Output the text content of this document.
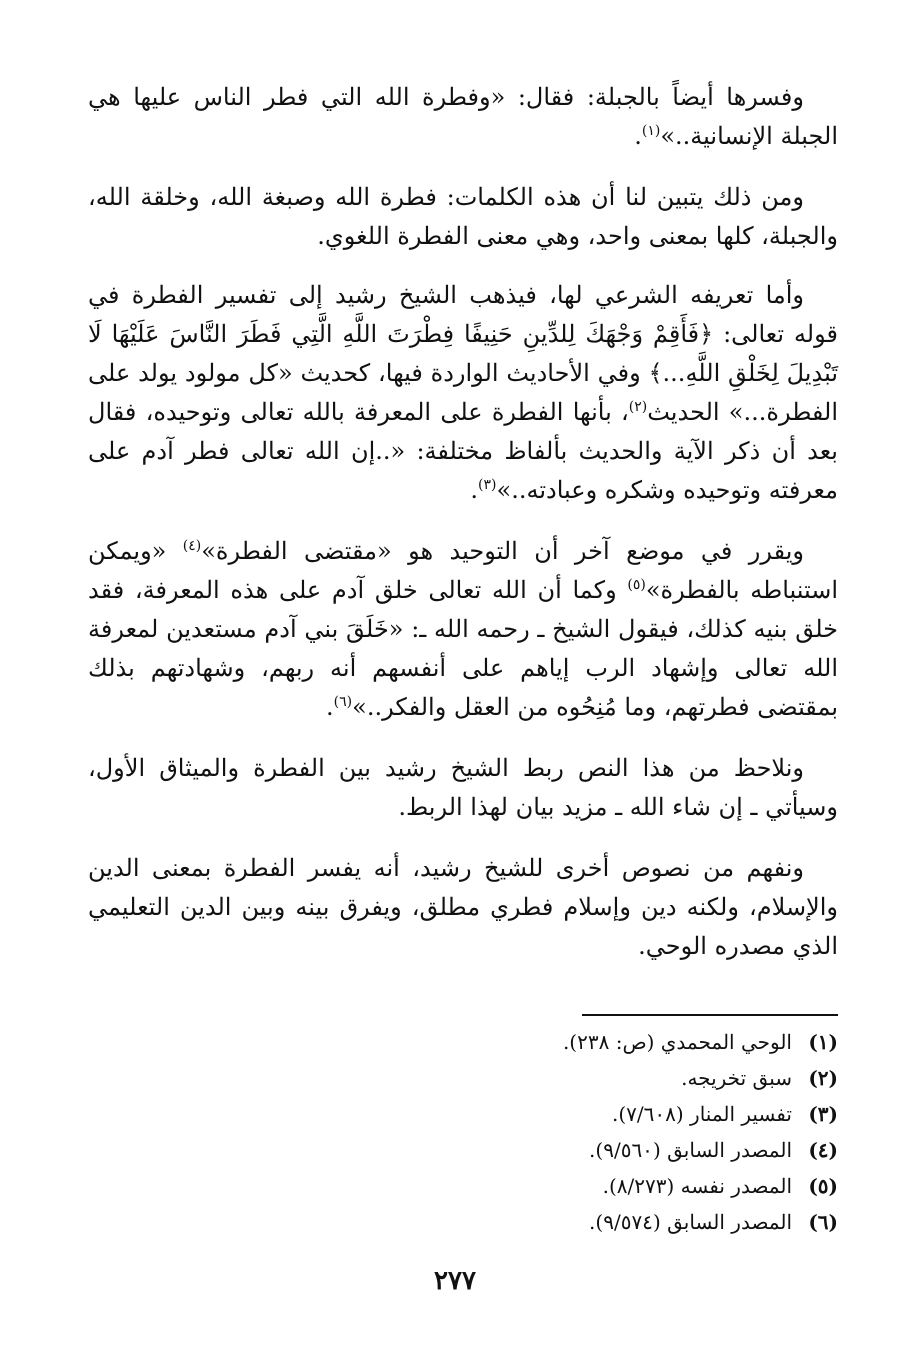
وفسرها أيضاً بالجبلة: فقال: «وفطرة الله التي فطر الناس عليها هي الجبلة الإنسانية..»$^{(١)}$.

ومن ذلك يتبين لنا أن هذه الكلمات: فطرة الله وصبغة الله، وخلقة الله، والجبلة، كلها بمعنى واحد، وهي معنى الفطرة اللغوي.

وأما تعريفه الشرعي لها، فيذهب الشيخ رشيد إلى تفسير الفطرة في قوله تعالى: ﴿فَأَقِمْ وَجْهَكَ لِلدِّينِ حَنِيفًا فِطْرَتَ اللَّهِ الَّتِي فَطَرَ النَّاسَ عَلَيْهَا لَا تَبْدِيلَ لِخَلْقِ اللَّهِ...﴾ وفي الأحاديث الواردة فيها، كحديث «كل مولود يولد على الفطرة...» الحديث$^{(٢)}$، بأنها الفطرة على المعرفة بالله تعالى وتوحيده، فقال بعد أن ذكر الآية والحديث بألفاظ مختلفة: «..إن الله تعالى فطر آدم على معرفته وتوحيده وشكره وعبادته..»$^{(٣)}$.

ويقرر في موضع آخر أن التوحيد هو «مقتضى الفطرة»$^{(٤)}$ «ويمكن استنباطه بالفطرة»$^{(٥)}$ وكما أن الله تعالى خلق آدم على هذه المعرفة، فقد خلق بنيه كذلك، فيقول الشيخ ـ رحمه الله ـ: «خَلَقَ بني آدم مستعدين لمعرفة الله تعالى وإشهاد الرب إياهم على أنفسهم أنه ربهم، وشهادتهم بذلك بمقتضى فطرتهم، وما مُنِحُوه من العقل والفكر..»$^{(٦)}$.

ونلاحظ من هذا النص ربط الشيخ رشيد بين الفطرة والميثاق الأول، وسيأتي ـ إن شاء الله ـ مزيد بيان لهذا الربط.

ونفهم من نصوص أخرى للشيخ رشيد، أنه يفسر الفطرة بمعنى الدين والإسلام، ولكنه دين وإسلام فطري مطلق، ويفرق بينه وبين الدين التعليمي الذي مصدره الوحي.

(١)الوحي المحمدي (ص: ٢٣٨).
(٢)سبق تخريجه.
(٣)تفسير المنار (٧/٦٠٨).
(٤)المصدر السابق (٩/٥٦٠).
(٥)المصدر نفسه (٨/٢٧٣).
(٦)المصدر السابق (٩/٥٧٤).
٢٧٧
